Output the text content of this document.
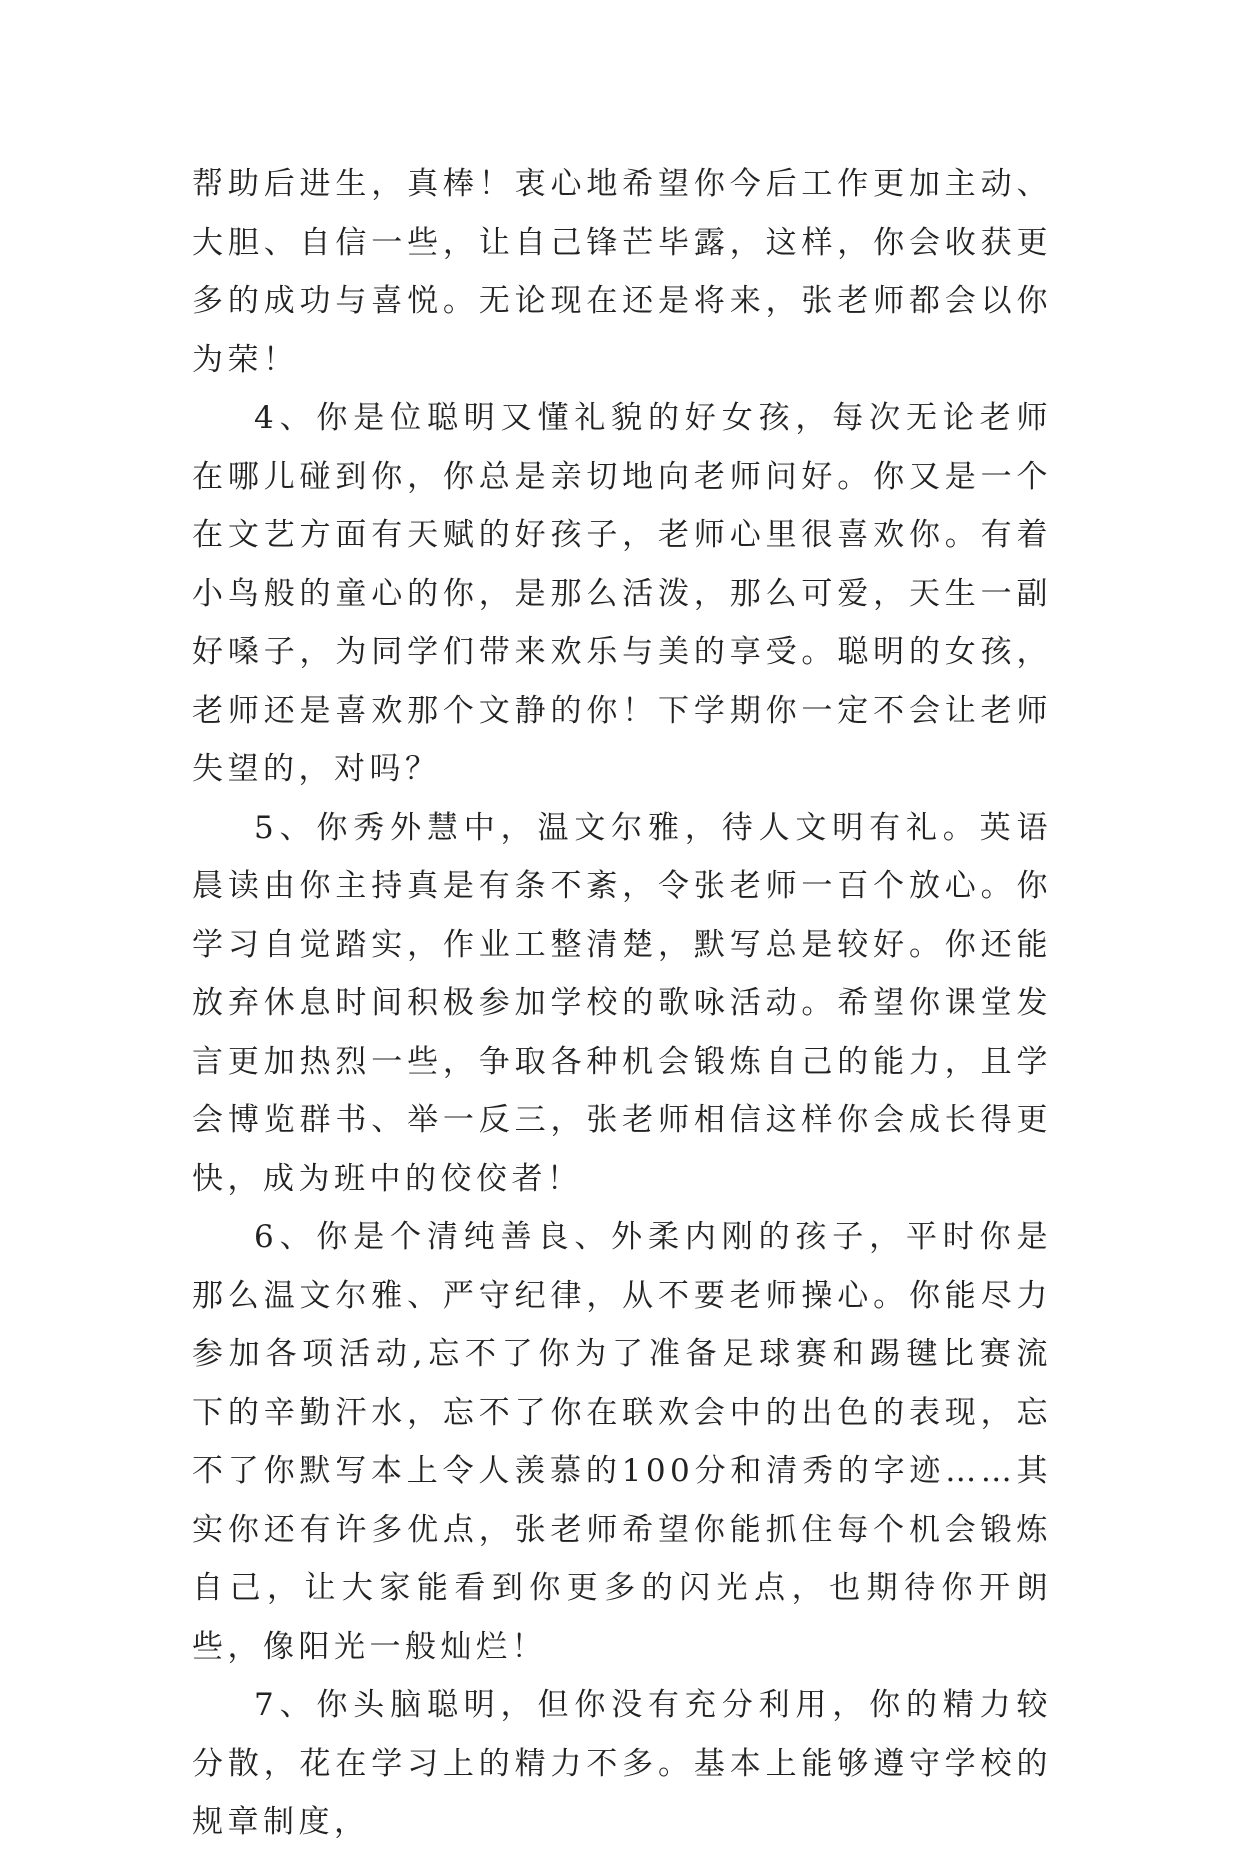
帮助后进生，真棒！衷心地希望你今后工作更加主动、大胆、自信一些，让自己锋芒毕露，这样，你会收获更多的成功与喜悦。无论现在还是将来，张老师都会以你为荣！

4、你是位聪明又懂礼貌的好女孩，每次无论老师在哪儿碰到你，你总是亲切地向老师问好。你又是一个在文艺方面有天赋的好孩子，老师心里很喜欢你。有着小鸟般的童心的你，是那么活泼，那么可爱，天生一副好嗓子，为同学们带来欢乐与美的享受。聪明的女孩，老师还是喜欢那个文静的你！下学期你一定不会让老师失望的，对吗？

5、你秀外慧中，温文尔雅，待人文明有礼。英语晨读由你主持真是有条不紊，令张老师一百个放心。你学习自觉踏实，作业工整清楚，默写总是较好。你还能放弃休息时间积极参加学校的歌咏活动。希望你课堂发言更加热烈一些，争取各种机会锻炼自己的能力，且学会博览群书、举一反三，张老师相信这样你会成长得更快，成为班中的佼佼者！

6、你是个清纯善良、外柔内刚的孩子，平时你是那么温文尔雅、严守纪律，从不要老师操心。你能尽力参加各项活动,忘不了你为了准备足球赛和踢毽比赛流下的辛勤汗水，忘不了你在联欢会中的出色的表现，忘不了你默写本上令人羡慕的100分和清秀的字迹……其实你还有许多优点，张老师希望你能抓住每个机会锻炼自己，让大家能看到你更多的闪光点，也期待你开朗些，像阳光一般灿烂！

7、你头脑聪明，但你没有充分利用，你的精力较分散，花在学习上的精力不多。基本上能够遵守学校的规章制度，
